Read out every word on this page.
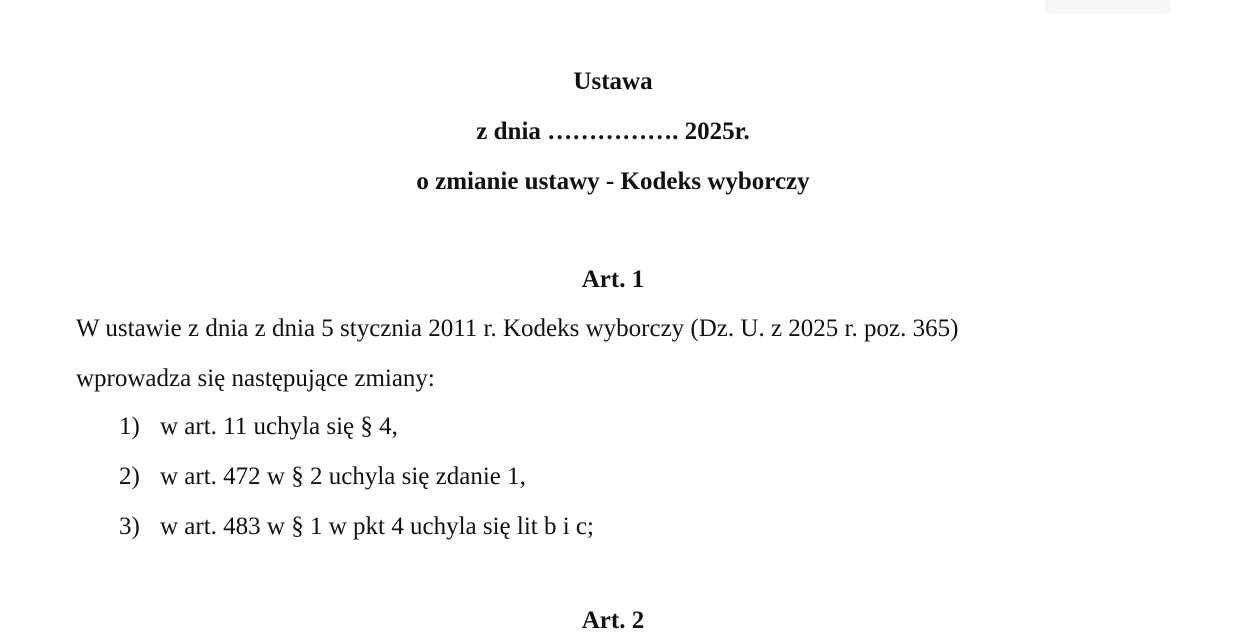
Ustawa
z dnia ……………. 2025r.
o zmianie ustawy - Kodeks wyborczy
Art. 1
W ustawie z dnia z dnia 5 stycznia 2011 r. Kodeks wyborczy (Dz. U. z 2025 r. poz. 365)
wprowadza się następujące zmiany:
1) w art. 11 uchyla się § 4,
2) w art. 472 w § 2 uchyla się zdanie 1,
3) w art. 483 w § 1 w pkt 4 uchyla się lit b i c;
Art. 2
